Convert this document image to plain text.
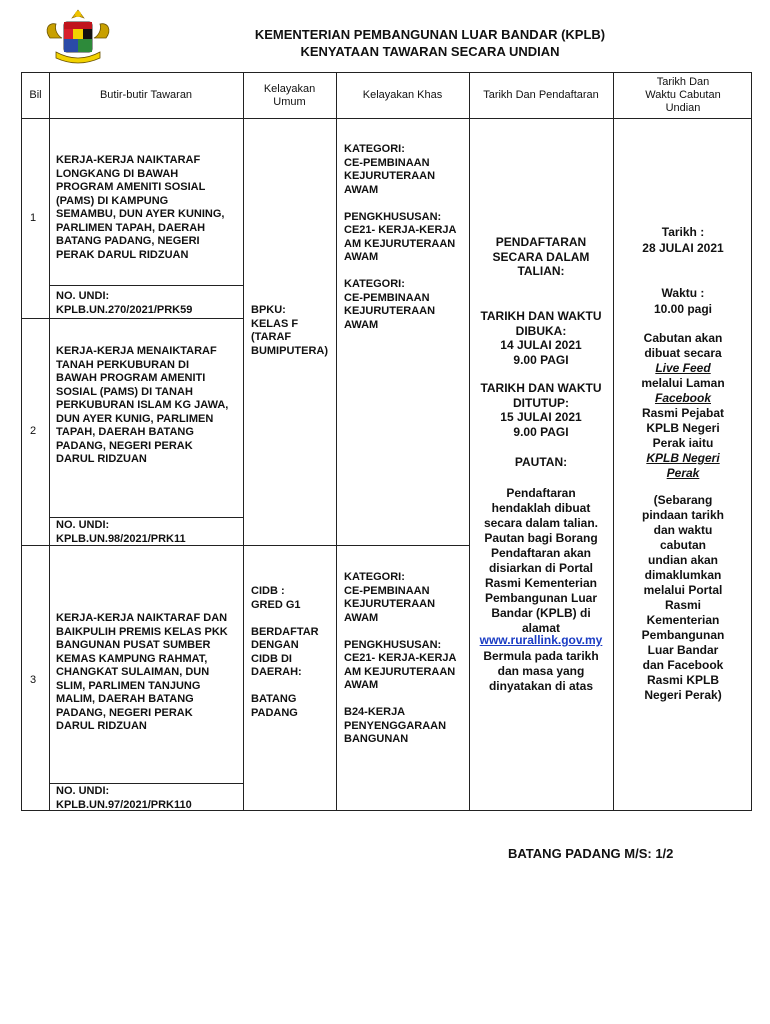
KEMENTERIAN PEMBANGUNAN LUAR BANDAR (KPLB)
KENYATAAN TAWARAN SECARA UNDIAN
Bil	Butir-butir Tawaran
Kelayakan
Umum
Kelayakan Khas	Tarikh Dan Pendaftaran
Tarikh Dan
Waktu Cabutan
Undian
1
KERJA-KERJA NAIKTARAF
LONGKANG DI BAWAH
PROGRAM AMENITI SOSIAL
(PAMS) DI KAMPUNG
SEMAMBU, DUN AYER KUNING,
PARLIMEN TAPAH, DAERAH
BATANG PADANG, NEGERI
PERAK DARUL RIDZUAN
NO. UNDI:
KPLB.UN.270/2021/PRK59
2
KERJA-KERJA MENAIKTARAF
TANAH PERKUBURAN DI
BAWAH PROGRAM AMENITI
SOSIAL (PAMS) DI TANAH
PERKUBURAN ISLAM KG JAWA,
DUN AYER KUNIG, PARLIMEN
TAPAH, DAERAH BATANG
PADANG, NEGERI PERAK
DARUL RIDZUAN
NO. UNDI:
KPLB.UN.98/2021/PRK11
3
KERJA-KERJA NAIKTARAF DAN
BAIKPULIH PREMIS KELAS PKK
BANGUNAN PUSAT SUMBER
KEMAS KAMPUNG RAHMAT,
CHANGKAT SULAIMAN, DUN
SLIM, PARLIMEN TANJUNG
MALIM, DAERAH BATANG
PADANG, NEGERI PERAK
DARUL RIDZUAN
NO. UNDI:
KPLB.UN.97/2021/PRK110
BPKU:
KELAS F
(TARAF
BUMIPUTERA)
CIDB :
GRED G1

BERDAFTAR
DENGAN
CIDB DI
DAERAH:

BATANG
PADANG
KATEGORI:
CE-PEMBINAAN
KEJURUTERAAN
AWAM

PENGKHUSUSAN:
CE21- KERJA-KERJA
AM KEJURUTERAAN
AWAM

KATEGORI:
CE-PEMBINAAN
KEJURUTERAAN
AWAM
KATEGORI:
CE-PEMBINAAN
KEJURUTERAAN
AWAM

PENGKHUSUSAN:
CE21- KERJA-KERJA
AM KEJURUTERAAN
AWAM

B24-KERJA
PENYENGGARAAN
BANGUNAN
PENDAFTARAN
SECARA DALAM
TALIAN:
TARIKH DAN WAKTU
DIBUKA:
14 JULAI 2021
9.00 PAGI
TARIKH DAN WAKTU
DITUTUP:
15 JULAI 2021
9.00 PAGI
PAUTAN:
Pendaftaran
hendaklah dibuat
secara dalam talian.
Pautan bagi Borang
Pendaftaran akan
disiarkan di Portal
Rasmi Kementerian
Pembangunan Luar
Bandar (KPLB) di
alamat
www.rurallink.gov.my
Bermula pada tarikh
dan masa yang
dinyatakan di atas
Tarikh :
28 JULAI 2021
Waktu :
10.00 pagi
Cabutan akan
dibuat secara
Live Feed
melalui Laman
Facebook
Rasmi Pejabat
KPLB Negeri
Perak iaitu
KPLB Negeri
Perak
(Sebarang
pindaan tarikh
dan waktu
cabutan
undian akan
dimaklumkan
melalui Portal
Rasmi
Kementerian
Pembangunan
Luar Bandar
dan Facebook
Rasmi KPLB
Negeri Perak)
BATANG PADANG M/S: 1/2
